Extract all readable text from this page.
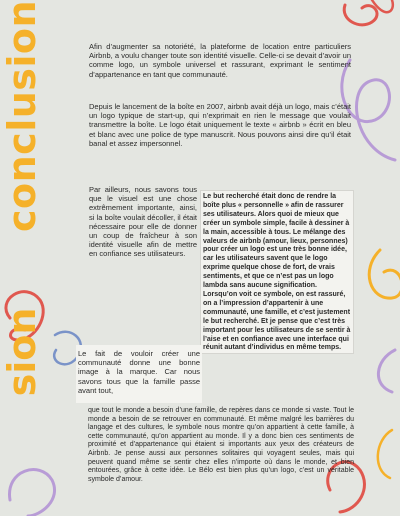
conclusion
sion

Afin d’augmenter sa notoriété, la plateforme de location entre particuliers Airbnb, a voulu changer toute son identité visuelle. Celle-ci se devait d’avoir un comme logo, un symbole universel et rassurant, exprimant le sentiment d’appartenance en tant que communauté.

Depuis le lancement de la boîte en 2007, airbnb avait déjà un logo, mais c’était un logo typique de start-up, qui n’exprimait en rien le message que voulait transmettre la boîte. Le logo était uniquement le texte « airbnb » écrit en bleu et blanc avec une police de type manuscrit. Nous pouvons ainsi dire qu’il était banal et assez impersonnel.

Par ailleurs, nous savons tous que le visuel est une chose extrêmement importante, ainsi, si la boîte voulait décoller, il était nécessaire pour elle de donner un coup de fraîcheur à son identité visuelle afin de mettre en confiance ses utilisateurs.

Le but recherché était donc de rendre la boîte plus « personnelle » afin de rassurer ses utilisateurs. Alors quoi de mieux que créer un symbole simple, facile à dessiner à la main, accessible à tous. Le mélange des valeurs de airbnb (amour, lieux, personnes) pour créer un logo est une très bonne idée, car les utilisateurs savent que le logo exprime quelque chose de fort, de vrais sentiments, et que ce n’est pas un logo lambda sans aucune signification. Lorsqu’on voit ce symbole, on est rassuré, on a l’impression d’appartenir à une communauté, une famille, et c’est justement le but recherché. Et je pense que c’est très important pour les utilisateurs de se sentir à l’aise et en confiance avec une interface qui réunit autant d’individus en même temps.

Le fait de vouloir créer une communauté donne une bonne image à la marque. Car nous savons tous que la famille passe avant tout,

que tout le monde a besoin d’une famille, de repères dans ce monde si vaste. Tout le monde a besoin de se retrouver en communauté. Et même malgré les barrières du langage et des cultures, le symbole nous montre qu’on appartient à cette famille, à cette communauté, qu’on appartient au monde. Il y a donc bien ces sentiments de proximité et d’appartenance qui étaient si importants aux yeux des créateurs de Airbnb. Je pense aussi aux personnes solitaires qui voyagent seules, mais qui peuvent quand même se sentir chez elles n’importe où dans le monde, et bien entourées, grâce à cette idée. Le Bélo est bien plus qu’un logo, c’est un véritable symbole d’amour.
